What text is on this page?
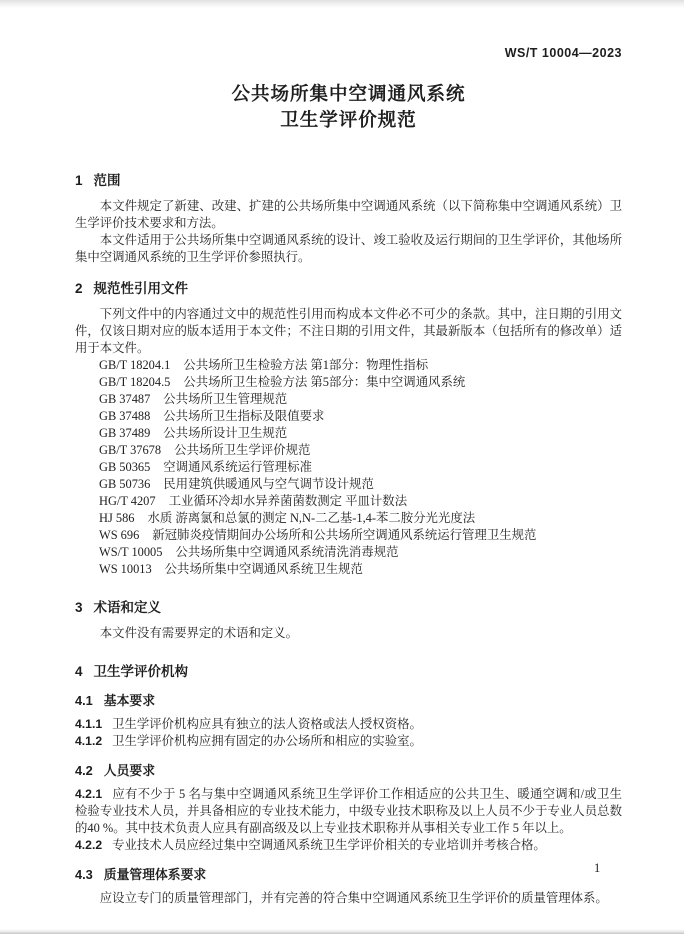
WS/T 10004—2023
公共场所集中空调通风系统
卫生学评价规范
1 范围

本文件规定了新建、改建、扩建的公共场所集中空调通风系统（以下简称集中空调通风系统）卫生学评价技术要求和方法。

本文件适用于公共场所集中空调通风系统的设计、竣工验收及运行期间的卫生学评价，其他场所集中空调通风系统的卫生学评价参照执行。

2 规范性引用文件

下列文件中的内容通过文中的规范性引用而构成本文件必不可少的条款。其中，注日期的引用文件，仅该日期对应的版本适用于本文件；不注日期的引用文件，其最新版本（包括所有的修改单）适用于本文件。

GB/T 18204.1 公共场所卫生检验方法 第1部分：物理性指标
GB/T 18204.5 公共场所卫生检验方法 第5部分：集中空调通风系统
GB 37487 公共场所卫生管理规范
GB 37488 公共场所卫生指标及限值要求
GB 37489 公共场所设计卫生规范
GB/T 37678 公共场所卫生学评价规范
GB 50365 空调通风系统运行管理标准
GB 50736 民用建筑供暖通风与空气调节设计规范
HG/T 4207 工业循环冷却水异养菌菌数测定 平皿计数法
HJ 586 水质 游离氯和总氯的测定 N,N-二乙基-1,4-苯二胺分光光度法
WS 696 新冠肺炎疫情期间办公场所和公共场所空调通风系统运行管理卫生规范
WS/T 10005 公共场所集中空调通风系统清洗消毒规范
WS 10013 公共场所集中空调通风系统卫生规范
3 术语和定义

本文件没有需要界定的术语和定义。

4 卫生学评价机构
4.1 基本要求

4.1.1 卫生学评价机构应具有独立的法人资格或法人授权资格。

4.1.2 卫生学评价机构应拥有固定的办公场所和相应的实验室。

4.2 人员要求

4.2.1 应有不少于 5 名与集中空调通风系统卫生学评价工作相适应的公共卫生、暖通空调和/或卫生检验专业技术人员，并具备相应的专业技术能力，中级专业技术职称及以上人员不少于专业人员总数的40 %。其中技术负责人应具有副高级及以上专业技术职称并从事相关专业工作 5 年以上。

4.2.2 专业技术人员应经过集中空调通风系统卫生学评价相关的专业培训并考核合格。

4.3 质量管理体系要求

应设立专门的质量管理部门，并有完善的符合集中空调通风系统卫生学评价的质量管理体系。

1
